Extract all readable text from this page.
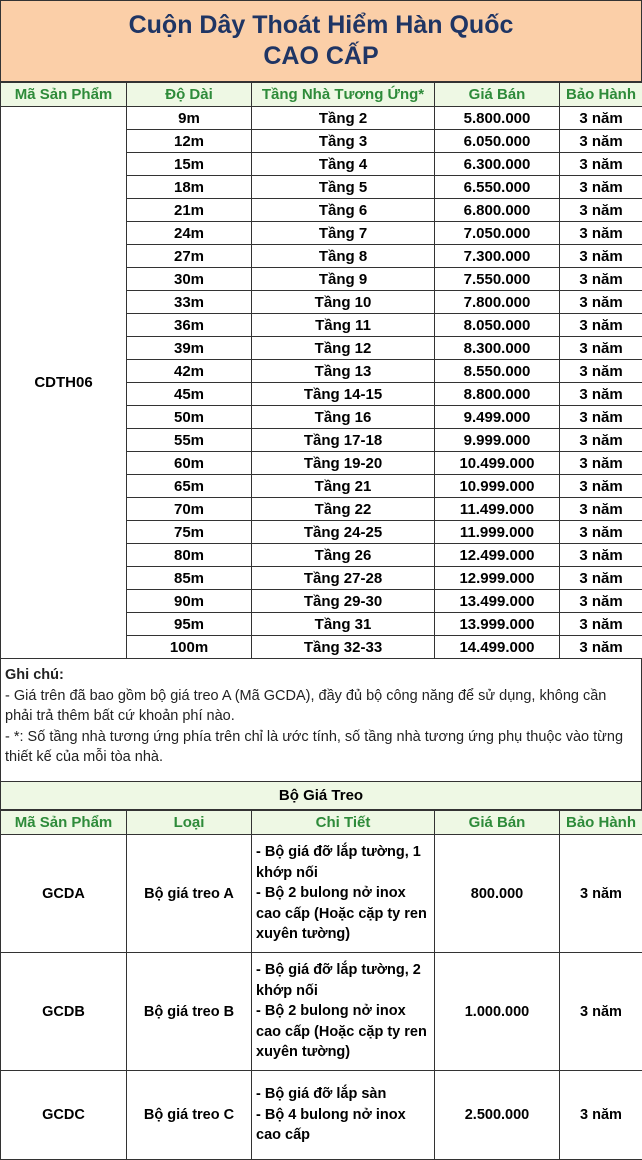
Cuộn Dây Thoát Hiểm Hàn Quốc
CAO CẤP
Mã Sản Phẩm	Độ Dài	Tầng Nhà Tương Ứng*	Giá Bán	Bảo Hành
CDTH06	9m	Tầng 2	5.800.000	3 năm
	12m	Tầng 3	6.050.000	3 năm
	15m	Tầng 4	6.300.000	3 năm
	18m	Tầng 5	6.550.000	3 năm
	21m	Tầng 6	6.800.000	3 năm
	24m	Tầng 7	7.050.000	3 năm
	27m	Tầng 8	7.300.000	3 năm
	30m	Tầng 9	7.550.000	3 năm
	33m	Tầng 10	7.800.000	3 năm
	36m	Tầng 11	8.050.000	3 năm
	39m	Tầng 12	8.300.000	3 năm
	42m	Tầng 13	8.550.000	3 năm
	45m	Tầng 14-15	8.800.000	3 năm
	50m	Tầng 16	9.499.000	3 năm
	55m	Tầng 17-18	9.999.000	3 năm
	60m	Tầng 19-20	10.499.000	3 năm
	65m	Tầng 21	10.999.000	3 năm
	70m	Tầng 22	11.499.000	3 năm
	75m	Tầng 24-25	11.999.000	3 năm
	80m	Tầng 26	12.499.000	3 năm
	85m	Tầng 27-28	12.999.000	3 năm
	90m	Tầng 29-30	13.499.000	3 năm
	95m	Tầng 31	13.999.000	3 năm
	100m	Tầng 32-33	14.499.000	3 năm
Ghi chú:
- Giá trên đã bao gồm bộ giá treo A (Mã GCDA), đầy đủ bộ công năng để sử dụng, không cần phải trả thêm bất cứ khoản phí nào.
- *: Số tầng nhà tương ứng phía trên chỉ là ước tính, số tầng nhà tương ứng phụ thuộc vào từng thiết kế của mỗi tòa nhà.
Bộ Giá Treo
Mã Sản Phẩm	Loại	Chi Tiết	Giá Bán	Bảo Hành
GCDA	Bộ giá treo A	- Bộ giá đỡ lắp tường, 1 khớp nối
- Bộ 2 bulong nở inox cao cấp (Hoặc cặp ty ren xuyên tường)	800.000	3 năm
GCDB	Bộ giá treo B	- Bộ giá đỡ lắp tường, 2 khớp nối
- Bộ 2 bulong nở inox cao cấp (Hoặc cặp ty ren xuyên tường)	1.000.000	3 năm
GCDC	Bộ giá treo C	- Bộ giá đỡ lắp sàn
- Bộ 4 bulong nở inox cao cấp	2.500.000	3 năm
